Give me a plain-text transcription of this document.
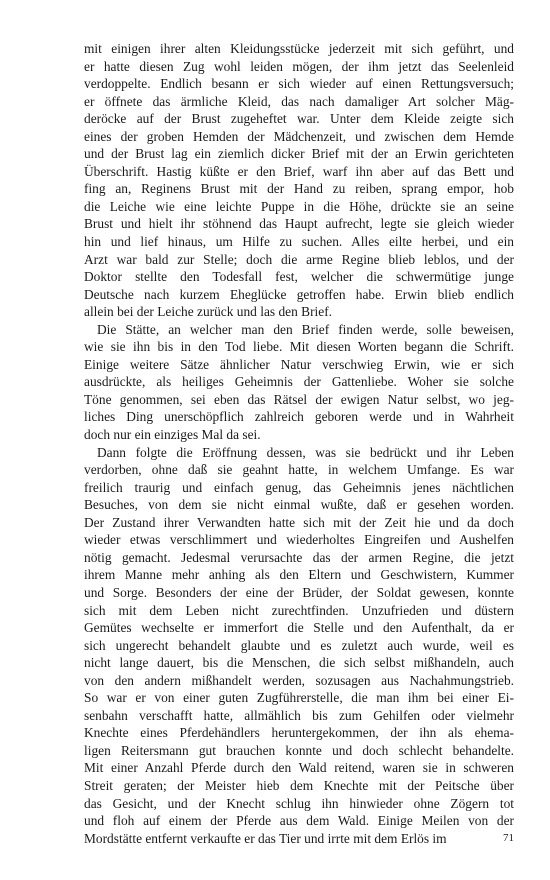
mit einigen ihrer alten Kleidungsstücke jederzeit mit sich geführt, und
er hatte diesen Zug wohl leiden mögen, der ihm jetzt das Seelenleid
verdoppelte. Endlich besann er sich wieder auf einen Rettungsversuch;
er öffnete das ärmliche Kleid, das nach damaliger Art solcher Mäg-
deröcke auf der Brust zugeheftet war. Unter dem Kleide zeigte sich
eines der groben Hemden der Mädchenzeit, und zwischen dem Hemde
und der Brust lag ein ziemlich dicker Brief mit der an Erwin gerichteten
Überschrift. Hastig küßte er den Brief, warf ihn aber auf das Bett und
fing an, Reginens Brust mit der Hand zu reiben, sprang empor, hob
die Leiche wie eine leichte Puppe in die Höhe, drückte sie an seine
Brust und hielt ihr stöhnend das Haupt aufrecht, legte sie gleich wieder
hin und lief hinaus, um Hilfe zu suchen. Alles eilte herbei, und ein
Arzt war bald zur Stelle; doch die arme Regine blieb leblos, und der
Doktor stellte den Todesfall fest, welcher die schwermütige junge
Deutsche nach kurzem Eheglücke getroffen habe. Erwin blieb endlich
allein bei der Leiche zurück und las den Brief.
Die Stätte, an welcher man den Brief finden werde, solle beweisen,
wie sie ihn bis in den Tod liebe. Mit diesen Worten begann die Schrift.
Einige weitere Sätze ähnlicher Natur verschwieg Erwin, wie er sich
ausdrückte, als heiliges Geheimnis der Gattenliebe. Woher sie solche
Töne genommen, sei eben das Rätsel der ewigen Natur selbst, wo jeg-
liches Ding unerschöpflich zahlreich geboren werde und in Wahrheit
doch nur ein einziges Mal da sei.
Dann folgte die Eröffnung dessen, was sie bedrückt und ihr Leben
verdorben, ohne daß sie geahnt hatte, in welchem Umfange. Es war
freilich traurig und einfach genug, das Geheimnis jenes nächtlichen
Besuches, von dem sie nicht einmal wußte, daß er gesehen worden.
Der Zustand ihrer Verwandten hatte sich mit der Zeit hie und da doch
wieder etwas verschlimmert und wiederholtes Eingreifen und Aushelfen
nötig gemacht. Jedesmal verursachte das der armen Regine, die jetzt
ihrem Manne mehr anhing als den Eltern und Geschwistern, Kummer
und Sorge. Besonders der eine der Brüder, der Soldat gewesen, konnte
sich mit dem Leben nicht zurechtfinden. Unzufrieden und düstern
Gemütes wechselte er immerfort die Stelle und den Aufenthalt, da er
sich ungerecht behandelt glaubte und es zuletzt auch wurde, weil es
nicht lange dauert, bis die Menschen, die sich selbst mißhandeln, auch
von den andern mißhandelt werden, sozusagen aus Nachahmungstrieb.
So war er von einer guten Zugführerstelle, die man ihm bei einer Ei-
senbahn verschafft hatte, allmählich bis zum Gehilfen oder vielmehr
Knechte eines Pferdehändlers heruntergekommen, der ihn als ehema-
ligen Reitersmann gut brauchen konnte und doch schlecht behandelte.
Mit einer Anzahl Pferde durch den Wald reitend, waren sie in schweren
Streit geraten; der Meister hieb dem Knechte mit der Peitsche über
das Gesicht, und der Knecht schlug ihn hinwieder ohne Zögern tot
und floh auf einem der Pferde aus dem Wald. Einige Meilen von der
Mordstätte entfernt verkaufte er das Tier und irrte mit dem Erlös im	71
